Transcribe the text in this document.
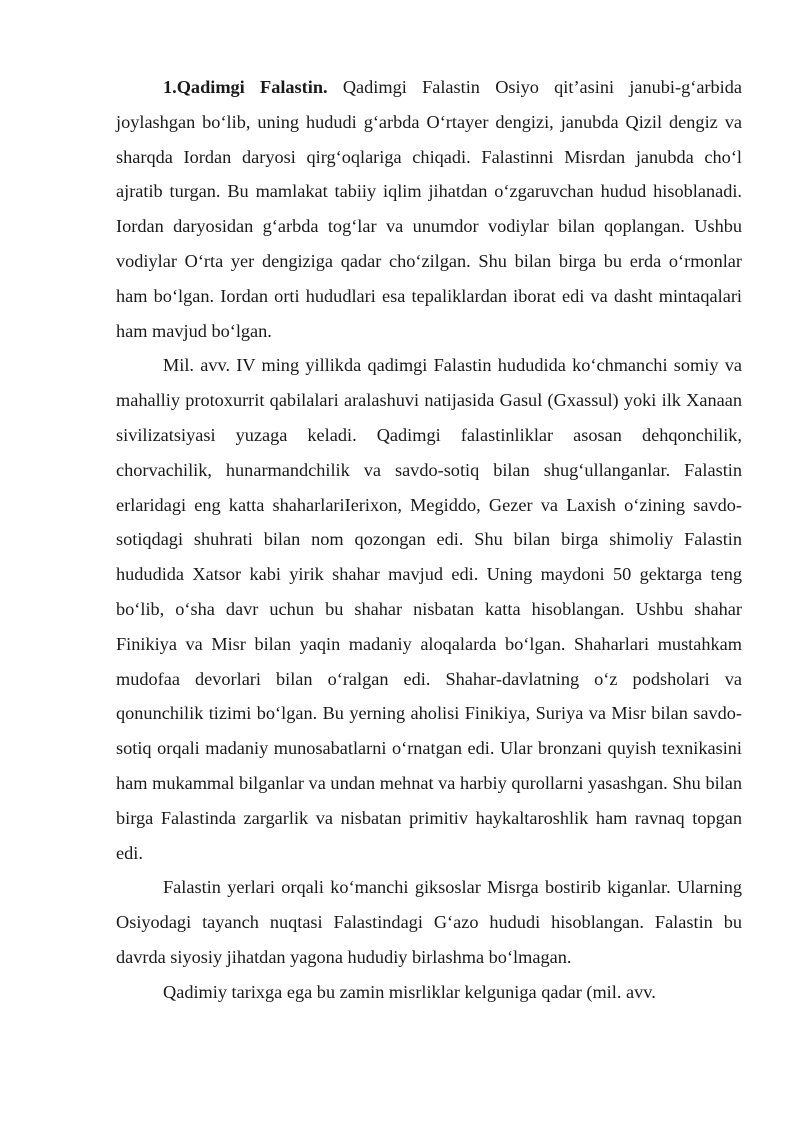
1.Qadimgi Falastin. Qadimgi Falastin Osiyo qit’asini janubi-g‘arbida joylashgan bo‘lib, uning hududi g‘arbda O‘rtayer dengizi, janubda Qizil dengiz va sharqda Iordan daryosi qirg‘oqlariga chiqadi. Falastinni Misrdan janubda cho‘l ajratib turgan. Bu mamlakat tabiiy iqlim jihatdan o‘zgaruvchan hudud hisoblanadi. Iordan daryosidan g‘arbda tog‘lar va unumdor vodiylar bilan qoplangan. Ushbu vodiylar O‘rta yer dengiziga qadar cho‘zilgan. Shu bilan birga bu erda o‘rmonlar ham bo‘lgan. Iordan orti hududlari esa tepaliklardan iborat edi va dasht mintaqalari ham mavjud bo‘lgan.

Mil. avv. IV ming yillikda qadimgi Falastin hududida ko‘chmanchi somiy va mahalliy protoxurrit qabilalari aralashuvi natijasida Gasul (Gxassul) yoki ilk Xanaan sivilizatsiyasi yuzaga keladi. Qadimgi falastinliklar asosan dehqonchilik, chorvachilik, hunarmandchilik va savdo-sotiq bilan shug‘ullanganlar. Falastin erlaridagi eng katta shaharlariIerixon, Megiddo, Gezer va Laxish o‘zining savdo- sotiqdagi shuhrati bilan nom qozongan edi. Shu bilan birga shimoliy Falastin hududida Xatsor kabi yirik shahar mavjud edi. Uning maydoni 50 gektarga teng bo‘lib, o‘sha davr uchun bu shahar nisbatan katta hisoblangan. Ushbu shahar Finikiya va Misr bilan yaqin madaniy aloqalarda bo‘lgan. Shaharlari mustahkam mudofaa devorlari bilan o‘ralgan edi. Shahar-davlatning o‘z podsholari va qonunchilik tizimi bo‘lgan. Bu yerning aholisi Finikiya, Suriya va Misr bilan savdo-sotiq orqali madaniy munosabatlarni o‘rnatgan edi. Ular bronzani quyish texnikasini ham mukammal bilganlar va undan mehnat va harbiy qurollarni yasashgan. Shu bilan birga Falastinda zargarlik va nisbatan primitiv haykaltaroshlik ham ravnaq topgan edi.

Falastin yerlari orqali ko‘manchi giksoslar Misrga bostirib kiganlar. Ularning Osiyodagi tayanch nuqtasi Falastindagi G‘azo hududi hisoblangan. Falastin bu davrda siyosiy jihatdan yagona hududiy birlashma bo‘lmagan.

Qadimiy tarixga ega bu zamin misrliklar kelguniga qadar (mil. avv.
